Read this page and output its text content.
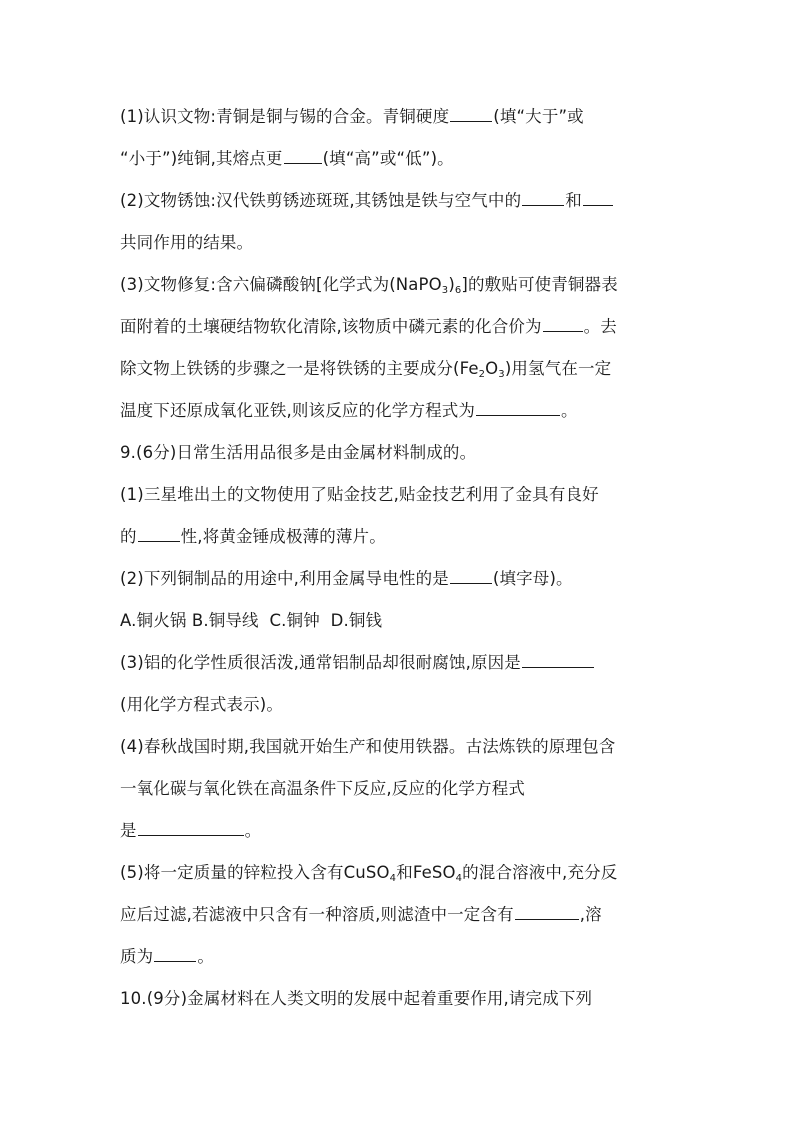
(1)认识文物:青铜是铜与锡的合金。青铜硬度	(填“大于”或

“小于”)纯铜,其熔点更 (填“高”或“低”)。

(2)文物锈蚀:汉代铁剪锈迹斑斑,其锈蚀是铁与空气中的	和

共同作用的结果。

(3)文物修复:含六偏磷酸钠[化学式为$(NaPO_3)_6$]的敷贴可使青铜器表

面附着的土壤硬结物软化清除,该物质中磷元素的化合价为	。去

除文物上铁锈的步骤之一是将铁锈的主要成分$(Fe_2O_3)$用氢气在一定

温度下还原成氧化亚铁,则该反应的化学方程式为	。

9.(6分)日常生活用品很多是由金属材料制成的。

(1)三星堆出土的文物使用了贴金技艺,贴金技艺利用了金具有良好

的	性,将黄金锤成极薄的薄片。

(2)下列铜制品的用途中,利用金属导电性的是	(填字母)。

A.铜火锅 B.铜导线  C.铜钟  D.铜钱

(3)铝的化学性质很活泼,通常铝制品却很耐腐蚀,原因是

(用化学方程式表示)。

(4)春秋战国时期,我国就开始生产和使用铁器。古法炼铁的原理包含

一氧化碳与氧化铁在高温条件下反应,反应的化学方程式

是	。

(5)将一定质量的锌粒投入含有CuSO$_4$和FeSO$_4$的混合溶液中,充分反

应后过滤,若滤液中只含有一种溶质,则滤渣中一定含有	,溶

质为	。

10.(9分)金属材料在人类文明的发展中起着重要作用,请完成下列
